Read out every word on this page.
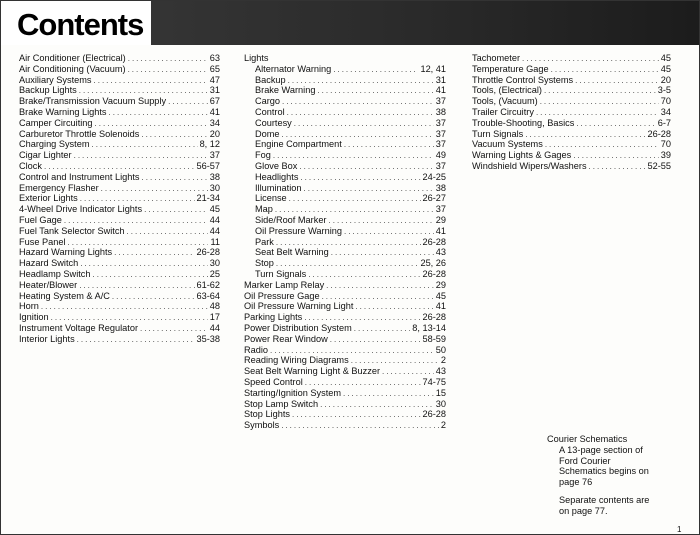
Contents
Air Conditioner (Electrical) .....	63
Air Conditioning (Vacuum) .....	65
Auxiliary Systems .....	47
Backup Lights .....	31
Brake/Transmission Vacuum Supply .....	67
Brake Warning Lights .....	41
Camper Circuiting .....	34
Carburetor Throttle Solenoids .....	20
Charging System .....	8, 12
Cigar Lighter .....	37
Clock .....	56-57
Control and Instrument Lights .....	38
Emergency Flasher .....	30
Exterior Lights .....	21-34
4-Wheel Drive Indicator Lights .....	45
Fuel Gage .....	44
Fuel Tank Selector Switch .....	44
Fuse Panel .....	11
Hazard Warning Lights .....	26-28
Hazard Switch .....	30
Headlamp Switch .....	25
Heater/Blower .....	61-62
Heating System & A/C .....	63-64
Horn .....	48
Ignition .....	17
Instrument Voltage Regulator .....	44
Interior Lights .....	35-38
Lights
Alternator Warning .....	12, 41
Backup .....	31
Brake Warning .....	41
Cargo .....	37
Control .....	38
Courtesy .....	37
Dome .....	37
Engine Compartment .....	37
Fog .....	49
Glove Box .....	37
Headlights .....	24-25
Illumination .....	38
License .....	26-27
Map .....	37
Side/Roof Marker .....	29
Oil Pressure Warning .....	41
Park .....	26-28
Seat Belt Warning .....	43
Stop .....	25, 26
Turn Signals .....	26-28
Marker Lamp Relay .....	29
Oil Pressure Gage .....	45
Oil Pressure Warning Light .....	41
Parking Lights .....	26-28
Power Distribution System .....	8, 13-14
Power Rear Window .....	58-59
Radio .....	50
Reading Wiring Diagrams .....	2
Seat Belt Warning Light & Buzzer .....	43
Speed Control .....	74-75
Starting/Ignition System .....	15
Stop Lamp Switch .....	30
Stop Lights .....	26-28
Symbols .....	2
Tachometer .....	45
Temperature Gage .....	45
Throttle Control Systems .....	20
Tools, (Electrical) .....	3-5
Tools, (Vacuum) .....	70
Trailer Circuitry .....	34
Trouble-Shooting, Basics .....	6-7
Turn Signals .....	26-28
Vacuum Systems .....	70
Warning Lights & Gages .....	39
Windshield Wipers/Washers .....	52-55

Courier Schematics

A 13-page section of

Ford Courier

Schematics begins on

page 76

Separate contents are

on page 77.

1
